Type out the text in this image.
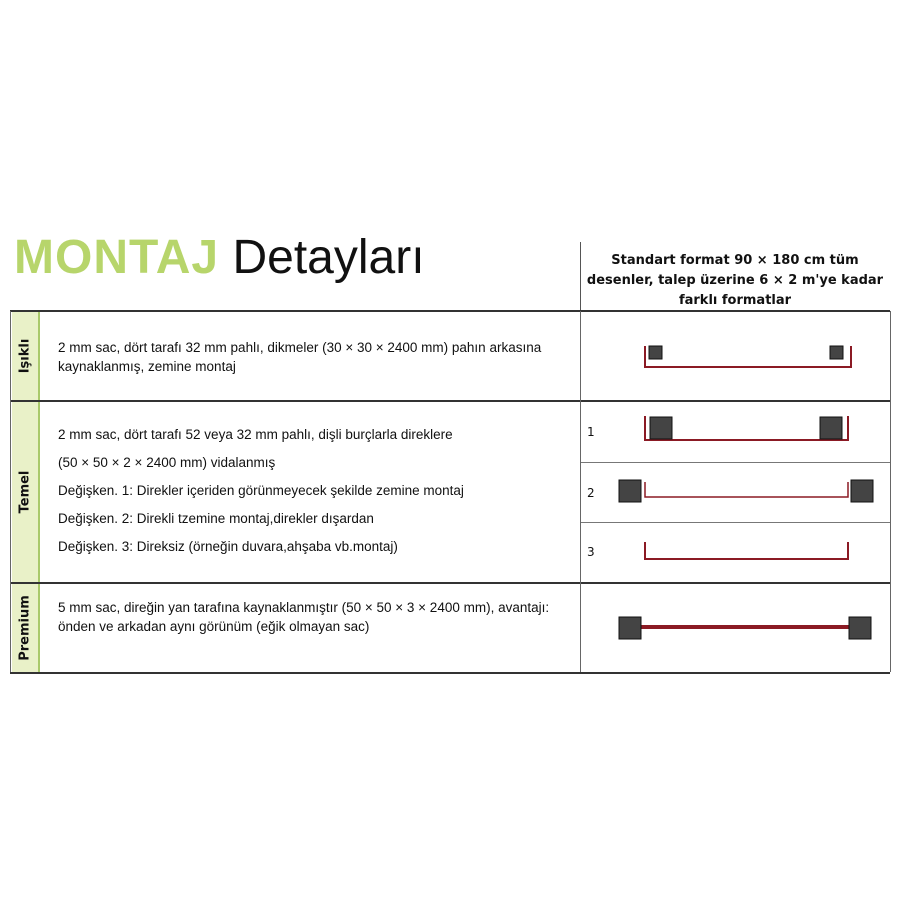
MONTAJ Detayları	Standart format 90 × 180 cm tüm desenler, talep üzerine 6 × 2 m'ye kadar farklı formatlar
Işıklı
Temel
Premium

2 mm sac, dört tarafı 32 mm pahlı, dikmeler (30 × 30 × 2400 mm) pahın arkasına kaynaklanmış, zemine montaj

2 mm sac, dört tarafı 52 veya 32 mm pahlı, dişli burçlarla direklere

(50 × 50 × 2 × 2400 mm) vidalanmış

Değişken. 1: Direkler içeriden görünmeyecek şekilde zemine montaj

Değişken. 2: Direkli tzemine montaj,direkler dışardan

Değişken. 3: Direksiz (örneğin duvara,ahşaba vb.montaj)

5 mm sac, direğin yan tarafına kaynaklanmıştır (50 × 50 × 3 × 2400 mm), avantajı: önden ve arkadan aynı görünüm (eğik olmayan sac)

1
2
3
